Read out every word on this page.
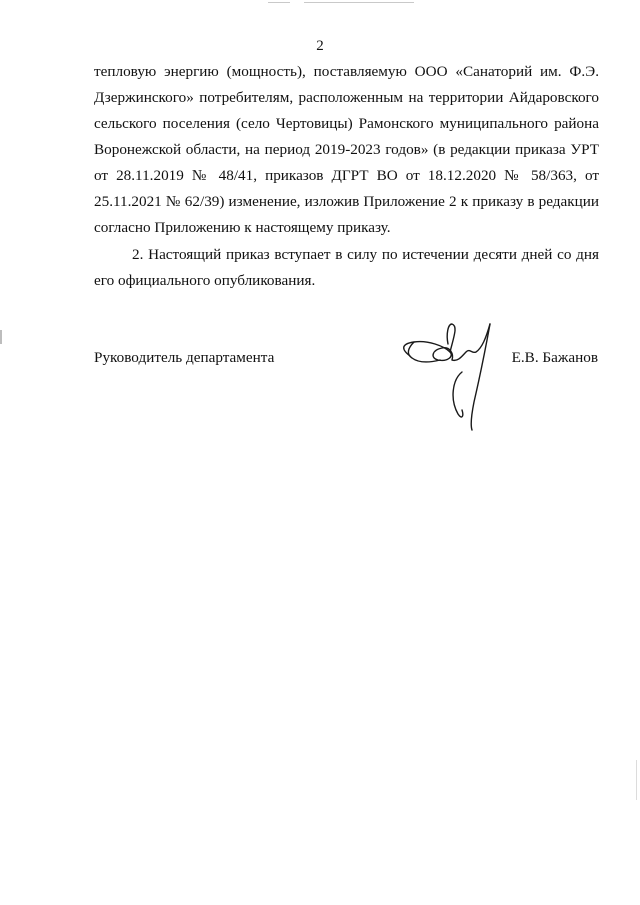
2
тепловую энергию (мощность), поставляемую ООО «Санаторий им. Ф.Э.
Дзержинского» потребителям, расположенным на территории Айдаровского
сельского поселения (село Чертовицы) Рамонского муниципального района
Воронежской области, на период 2019-2023 годов» (в редакции приказа УРТ
от 28.11.2019 № 48/41, приказов ДГРТ ВО от 18.12.2020 № 58/363, от
25.11.2021 № 62/39) изменение, изложив Приложение 2 к приказу в редакции
согласно Приложению к настоящему приказу.
2. Настоящий приказ вступает в силу по истечении десяти дней со дня
его официального опубликования.
Руководитель департамента	Е.В. Бажанов
